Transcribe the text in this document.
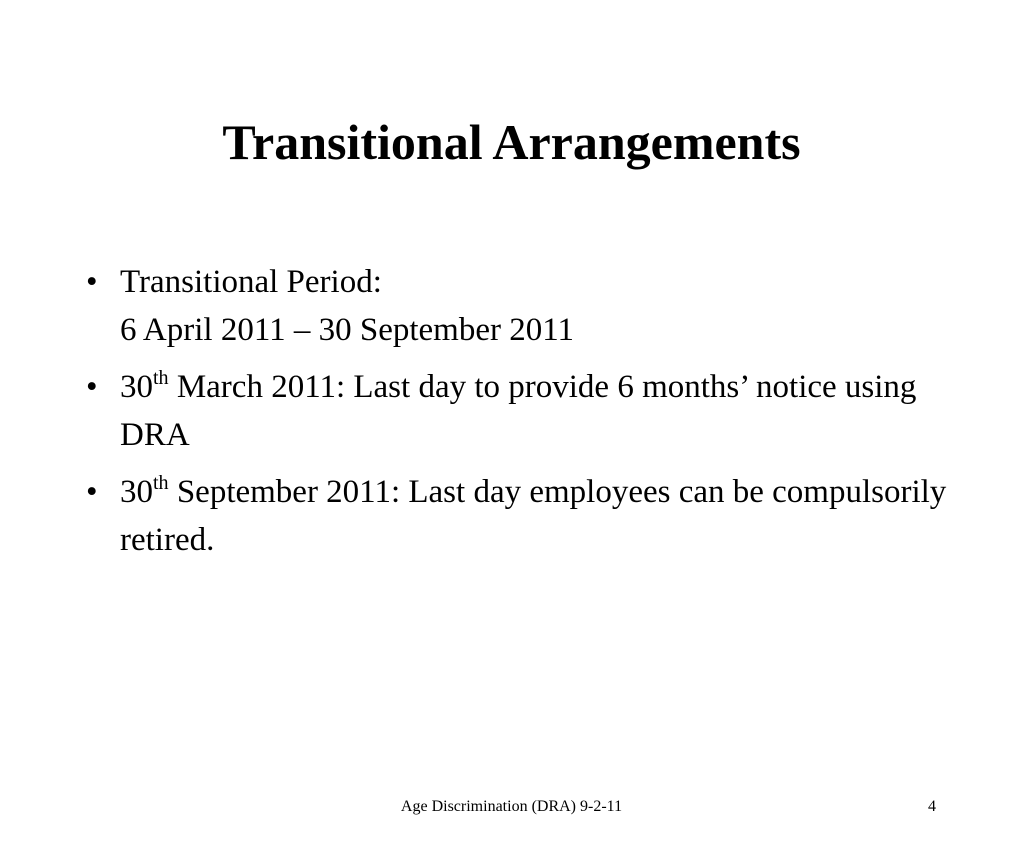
Transitional Arrangements
• Transitional Period:
6 April 2011 – 30 September 2011
• 30th March 2011: Last day to provide 6 months’ notice using DRA
• 30th September 2011: Last day employees can be compulsorily retired.
Age Discrimination (DRA) 9-2-11	4
